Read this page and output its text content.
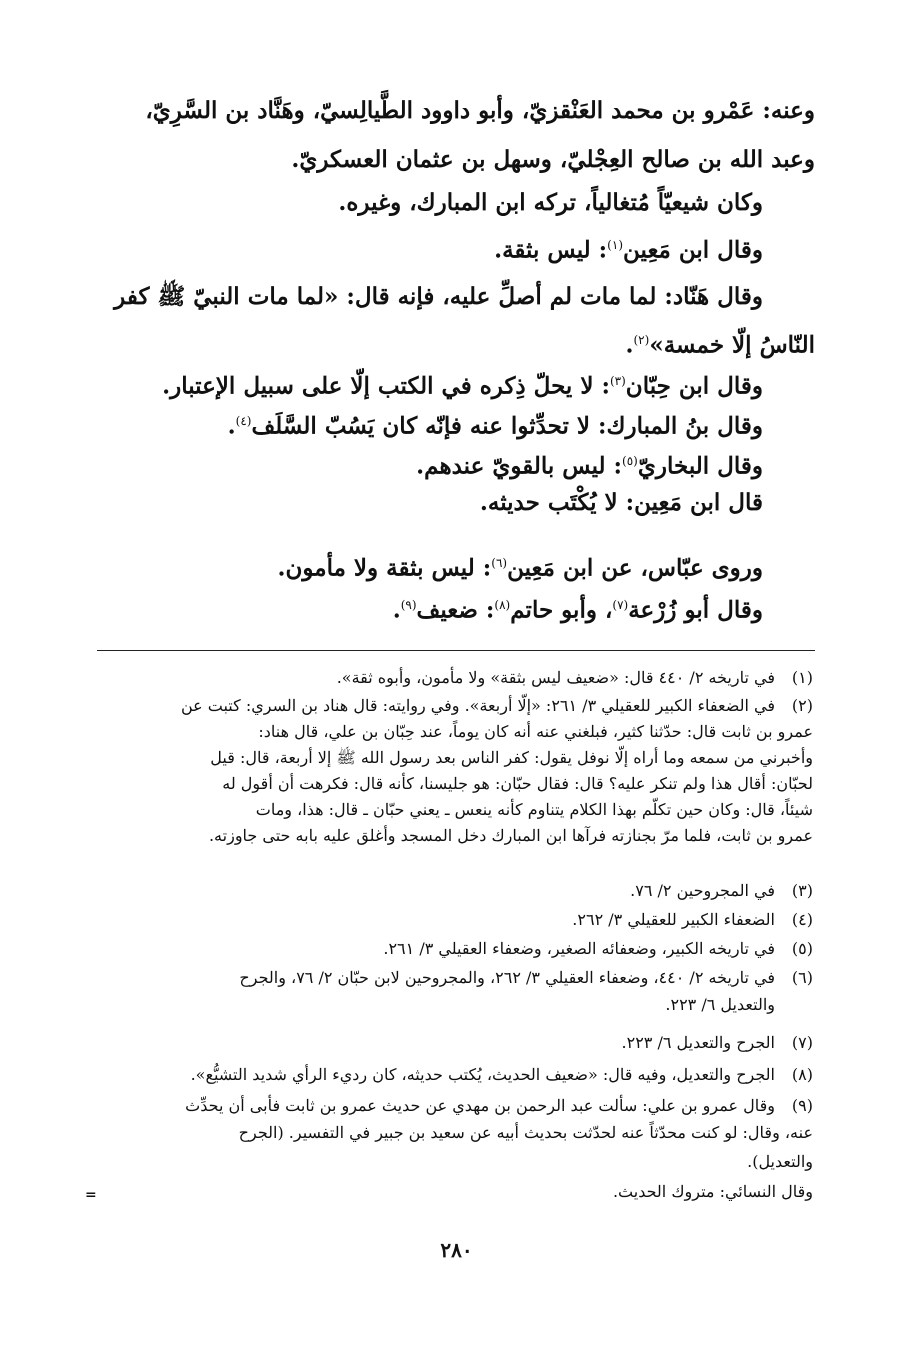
وعنه: عَمْرو بن محمد العَنْقزيّ، وأبو داوود الطَّيالِسيّ، وهَنَّاد بن السَّرِيّ،
وعبد الله بن صالح العِجْليّ، وسهل بن عثمان العسكريّ.
وكان شيعيّاً مُتغالياً، تركه ابن المبارك، وغيره.
وقال ابن مَعِين$^{(١)}$: ليس بثقة.
وقال هَنّاد: لما مات لم أصلِّ عليه، فإنه قال: «لما مات النبيّ ﷺ كفر
النّاسُ إلّا خمسة»$^{(٢)}$.
وقال ابن حِبّان$^{(٣)}$: لا يحلّ ذِكره في الكتب إلّا على سبيل الإعتبار.
وقال بنُ المبارك: لا تحدِّثوا عنه فإنّه كان يَسُبّ السَّلَف$^{(٤)}$.
وقال البخاريّ$^{(٥)}$: ليس بالقويّ عندهم.
قال ابن مَعِين: لا يُكْتَب حديثه.
وروى عبّاس، عن ابن مَعِين$^{(٦)}$: ليس بثقة ولا مأمون.
وقال أبو زُرْعة$^{(٧)}$، وأبو حاتم$^{(٨)}$: ضعيف$^{(٩)}$.
(١)
في تاريخه ٢/ ٤٤٠ قال: «ضعيف ليس بثقة» ولا مأمون، وأبوه ثقة».
(٢)
في الضعفاء الكبير للعقيلي ٣/ ٢٦١: «إلّا أربعة». وفي روايته: قال هناد بن السري: كتبت عن
عمرو بن ثابت قال: حدّثنا كثير، فبلغني عنه أنه كان يوماً، عند حِبّان بن علي، قال هناد:
وأخبرني من سمعه وما أراه إلّا نوفل يقول: كفر الناس بعد رسول الله ﷺ إلا أربعة، قال: قيل
لحبّان: أقال هذا ولم تنكر عليه؟ قال: فقال حبّان: هو جليسنا، كأنه قال: فكرهت أن أقول له
شيئاً، قال: وكان حين تكلّم بهذا الكلام يتناوم كأنه ينعس ـ يعني حبّان ـ قال: هذا، ومات
عمرو بن ثابت، فلما مرّ بجنازته فرآها ابن المبارك دخل المسجد وأغلق عليه بابه حتى جاوزته.
(٣)
في المجروحين ٢/ ٧٦.
(٤)
الضعفاء الكبير للعقيلي ٣/ ٢٦٢.
(٥)
في تاريخه الكبير، وضعفائه الصغير، وضعفاء العقيلي ٣/ ٢٦١.
(٦)
في تاريخه ٢/ ٤٤٠، وضعفاء العقيلي ٣/ ٢٦٢، والمجروحين لابن حبّان ٢/ ٧٦، والجرح
والتعديل ٦/ ٢٢٣.
(٧)
الجرح والتعديل ٦/ ٢٢٣.
(٨)
الجرح والتعديل، وفيه قال: «ضعيف الحديث، يُكتب حديثه، كان رديء الرأي شديد التشيُّع».
(٩)
وقال عمرو بن علي: سألت عبد الرحمن بن مهدي عن حديث عمرو بن ثابت فأبى أن يحدِّث
عنه، وقال: لو كنت محدّثاً عنه لحدّثت بحديث أبيه عن سعيد بن جبير في التفسير. (الجرح
والتعديل).
وقال النسائي: متروك الحديث.
=
٢٨٠
